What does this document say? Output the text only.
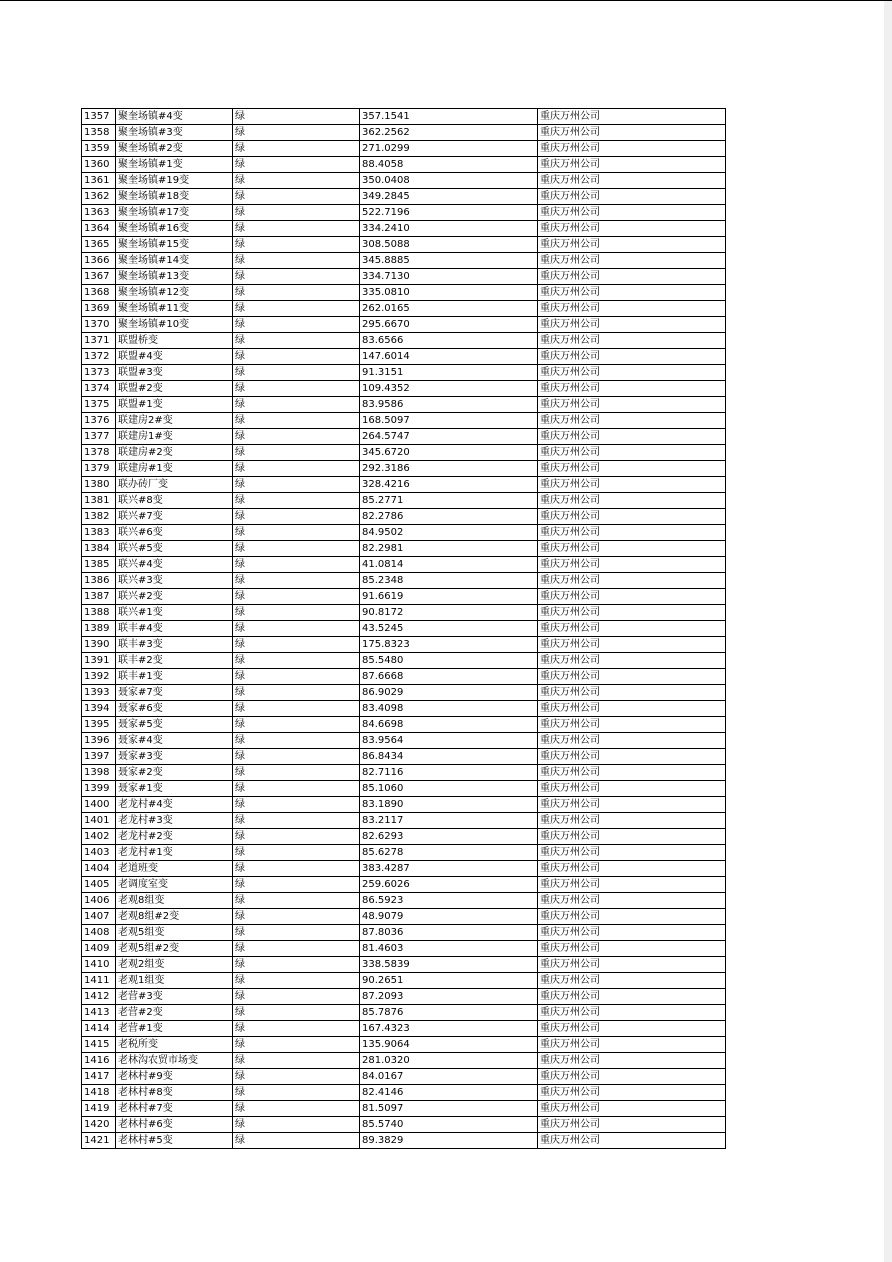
1357	聚奎场镇#4变	绿	357.1541	重庆万州公司
1358	聚奎场镇#3变	绿	362.2562	重庆万州公司
1359	聚奎场镇#2变	绿	271.0299	重庆万州公司
1360	聚奎场镇#1变	绿	88.4058	重庆万州公司
1361	聚奎场镇#19变	绿	350.0408	重庆万州公司
1362	聚奎场镇#18变	绿	349.2845	重庆万州公司
1363	聚奎场镇#17变	绿	522.7196	重庆万州公司
1364	聚奎场镇#16变	绿	334.2410	重庆万州公司
1365	聚奎场镇#15变	绿	308.5088	重庆万州公司
1366	聚奎场镇#14变	绿	345.8885	重庆万州公司
1367	聚奎场镇#13变	绿	334.7130	重庆万州公司
1368	聚奎场镇#12变	绿	335.0810	重庆万州公司
1369	聚奎场镇#11变	绿	262.0165	重庆万州公司
1370	聚奎场镇#10变	绿	295.6670	重庆万州公司
1371	联盟桥变	绿	83.6566	重庆万州公司
1372	联盟#4变	绿	147.6014	重庆万州公司
1373	联盟#3变	绿	91.3151	重庆万州公司
1374	联盟#2变	绿	109.4352	重庆万州公司
1375	联盟#1变	绿	83.9586	重庆万州公司
1376	联建房2#变	绿	168.5097	重庆万州公司
1377	联建房1#变	绿	264.5747	重庆万州公司
1378	联建房#2变	绿	345.6720	重庆万州公司
1379	联建房#1变	绿	292.3186	重庆万州公司
1380	联办砖厂变	绿	328.4216	重庆万州公司
1381	联兴#8变	绿	85.2771	重庆万州公司
1382	联兴#7变	绿	82.2786	重庆万州公司
1383	联兴#6变	绿	84.9502	重庆万州公司
1384	联兴#5变	绿	82.2981	重庆万州公司
1385	联兴#4变	绿	41.0814	重庆万州公司
1386	联兴#3变	绿	85.2348	重庆万州公司
1387	联兴#2变	绿	91.6619	重庆万州公司
1388	联兴#1变	绿	90.8172	重庆万州公司
1389	联丰#4变	绿	43.5245	重庆万州公司
1390	联丰#3变	绿	175.8323	重庆万州公司
1391	联丰#2变	绿	85.5480	重庆万州公司
1392	联丰#1变	绿	87.6668	重庆万州公司
1393	聂家#7变	绿	86.9029	重庆万州公司
1394	聂家#6变	绿	83.4098	重庆万州公司
1395	聂家#5变	绿	84.6698	重庆万州公司
1396	聂家#4变	绿	83.9564	重庆万州公司
1397	聂家#3变	绿	86.8434	重庆万州公司
1398	聂家#2变	绿	82.7116	重庆万州公司
1399	聂家#1变	绿	85.1060	重庆万州公司
1400	老龙村#4变	绿	83.1890	重庆万州公司
1401	老龙村#3变	绿	83.2117	重庆万州公司
1402	老龙村#2变	绿	82.6293	重庆万州公司
1403	老龙村#1变	绿	85.6278	重庆万州公司
1404	老道班变	绿	383.4287	重庆万州公司
1405	老调度室变	绿	259.6026	重庆万州公司
1406	老观8组变	绿	86.5923	重庆万州公司
1407	老观8组#2变	绿	48.9079	重庆万州公司
1408	老观5组变	绿	87.8036	重庆万州公司
1409	老观5组#2变	绿	81.4603	重庆万州公司
1410	老观2组变	绿	338.5839	重庆万州公司
1411	老观1组变	绿	90.2651	重庆万州公司
1412	老营#3变	绿	87.2093	重庆万州公司
1413	老营#2变	绿	85.7876	重庆万州公司
1414	老营#1变	绿	167.4323	重庆万州公司
1415	老税所变	绿	135.9064	重庆万州公司
1416	老林沟农贸市场变	绿	281.0320	重庆万州公司
1417	老林村#9变	绿	84.0167	重庆万州公司
1418	老林村#8变	绿	82.4146	重庆万州公司
1419	老林村#7变	绿	81.5097	重庆万州公司
1420	老林村#6变	绿	85.5740	重庆万州公司
1421	老林村#5变	绿	89.3829	重庆万州公司
